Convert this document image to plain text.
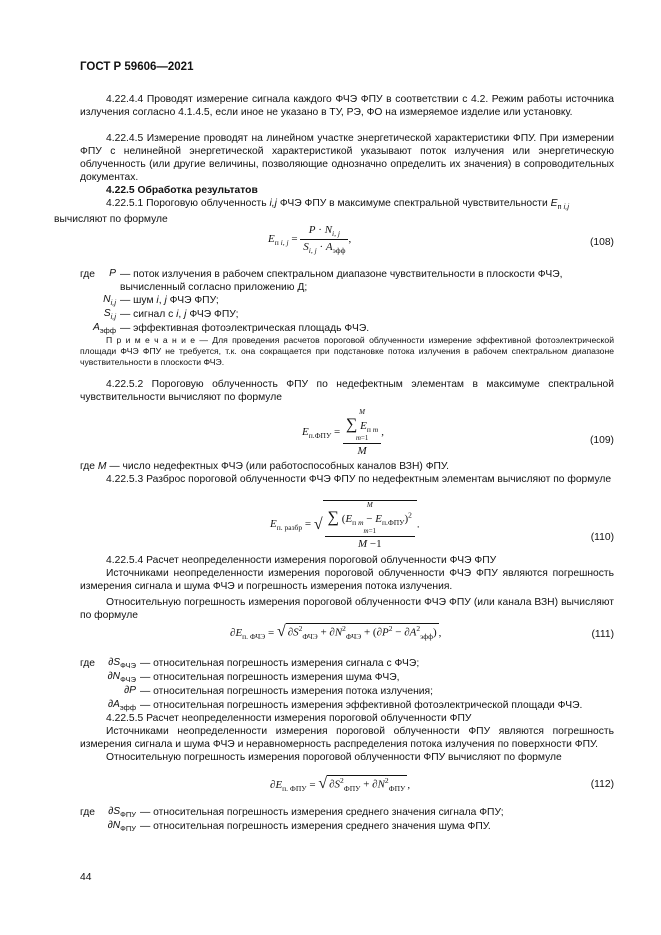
ГОСТ Р 59606—2021
4.22.4.4 Проводят измерение сигнала каждого ФЧЭ ФПУ в соответствии с 4.2. Режим работы источника излучения согласно 4.1.4.5, если иное не указано в ТУ, РЭ, ФО на измеряемое изделие или установку.
4.22.4.5 Измерение проводят на линейном участке энергетической характеристики ФПУ. При измерении ФПУ с нелинейной энергетической характеристикой указывают поток излучения или энергетическую облученность (или другие величины, позволяющие однозначно определить их значения) в сопроводительных документах.
4.22.5 Обработка результатов
4.22.5.1 Пороговую облученность i,j ФЧЭ ФПУ в максимуме спектральной чувствительности $E_{п i,j}$
вычисляют по формуле
$E_{п i, j} = \frac{P \cdot N_{i, j}}{S_{i, j} \cdot A_{эфф}}$ ,	(108)
где	P — поток излучения в рабочем спектральном диапазоне чувствительности в плоскости ФЧЭ, вычисленный согласно приложению Д;
$N_{i,j}$ — шум i, j ФЧЭ ФПУ;
$S_{i,j}$ — сигнал с i, j ФЧЭ ФПУ;
$A_{эфф}$ — эффективная фотоэлектрическая площадь ФЧЭ.
П р и м е ч а н и е — Для проведения расчетов пороговой облученности измерение эффективной фотоэлектрической площади ФЧЭ ФПУ не требуется, т.к. она сокращается при подстановке потока излучения в рабочем спектральном диапазоне чувствительности в плоскости ФЧЭ.
4.22.5.2 Пороговую облученность ФПУ по недефектным элементам в максимуме спектральной чувствительности вычисляют по формуле
$E_{п.ФПУ} = M$
∑ $E_{п m}$
m=1
M ,
(109)
где M — число недефектных ФЧЭ (или работоспособных каналов ВЗН) ФПУ.
4.22.5.3 Разброс пороговой облученности ФЧЭ ФПУ по недефектным элементам вычисляют по формуле
$E_{п. разбр}$ = √ M
∑ $(E_{п m} - E_{п.ФПУ})^2$
m=1
M −1 .
(110)
4.22.5.4 Расчет неопределенности измерения пороговой облученности ФЧЭ ФПУ
Источниками неопределенности измерения пороговой облученности ФЧЭ ФПУ являются погрешность измерения сигнала и шума ФЧЭ и погрешность измерения потока излучения.
Относительную погрешность измерения пороговой облученности ФЧЭ ФПУ (или канала ВЗН) вычисляют по формуле
$\partial E_{п. ФЧЭ}$ = √ $\partial S^2_{ФЧЭ} + \partial N^2_{ФЧЭ} + (\partial P^2 - \partial A^2_{эфф})$ ,	(111)
где	$\partial S_{ФЧЭ}$ — относительная погрешность измерения сигнала с ФЧЭ;
$\partial N_{ФЧЭ}$ — относительная погрешность измерения шума ФЧЭ,
∂P — относительная погрешность измерения потока излучения;
$\partial A_{эфф}$ — относительная погрешность измерения эффективной фотоэлектрической площади ФЧЭ.
4.22.5.5 Расчет неопределенности измерения пороговой облученности ФПУ
Источниками неопределенности измерения пороговой облученности ФПУ являются погрешность измерения сигнала и шума ФЧЭ и неравномерность распределения потока излучения по поверхности ФПУ.
Относительную погрешность измерения пороговой облученности ФПУ вычисляют по формуле
$\partial E_{п. ФПУ}$ = √ $\partial S^2_{ФПУ} + \partial N^2_{ФПУ}$ ,	(112)
где	$\partial S_{ФПУ}$ — относительная погрешность измерения среднего значения сигнала ФПУ;
$\partial N_{ФПУ}$ — относительная погрешность измерения среднего значения шума ФПУ.
44
